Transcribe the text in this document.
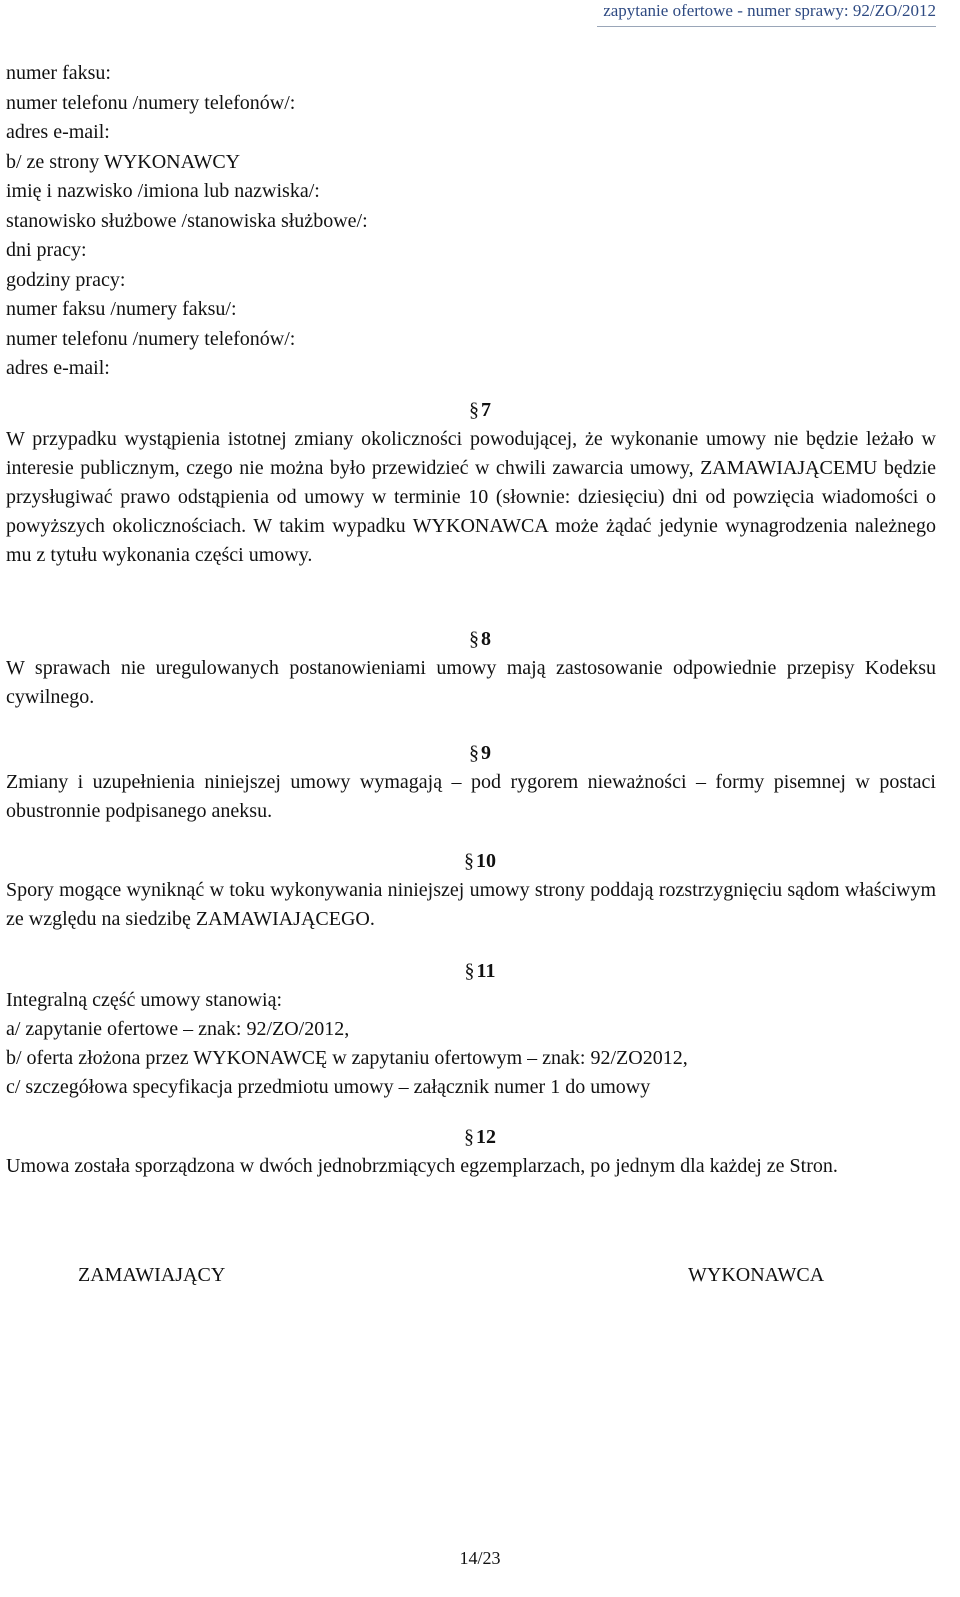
zapytanie ofertowe - numer sprawy: 92/ZO/2012
numer faksu:
numer telefonu /numery telefonów/:
adres e-mail:
b/ ze strony WYKONAWCY
imię i nazwisko /imiona lub nazwiska/:
stanowisko służbowe /stanowiska służbowe/:
dni pracy:
godziny pracy:
numer faksu /numery faksu/:
numer telefonu /numery telefonów/:
adres e-mail:
§ 7
W przypadku wystąpienia istotnej zmiany okoliczności powodującej, że wykonanie umowy nie będzie leżało w interesie publicznym, czego nie można było przewidzieć w chwili zawarcia umowy, ZAMAWIAJĄCEMU będzie przysługiwać prawo odstąpienia od umowy w terminie 10 (słownie: dziesięciu) dni od powzięcia wiadomości o powyższych okolicznościach. W takim wypadku WYKONAWCA może żądać jedynie wynagrodzenia należnego mu z tytułu wykonania części umowy.
§ 8
W sprawach nie uregulowanych postanowieniami umowy mają zastosowanie odpowiednie przepisy Kodeksu cywilnego.
§ 9
Zmiany i uzupełnienia niniejszej umowy wymagają – pod rygorem nieważności – formy pisemnej w postaci obustronnie podpisanego aneksu.
§ 10
Spory mogące wyniknąć w toku wykonywania niniejszej umowy strony poddają rozstrzygnięciu sądom właściwym ze względu na siedzibę ZAMAWIAJĄCEGO.
§ 11
Integralną część umowy stanowią:
a/ zapytanie ofertowe – znak: 92/ZO/2012,
b/ oferta złożona przez WYKONAWCĘ w zapytaniu ofertowym – znak: 92/ZO2012,
c/ szczegółowa specyfikacja przedmiotu umowy – załącznik numer 1 do umowy
§ 12
Umowa została sporządzona w dwóch jednobrzmiących egzemplarzach, po jednym dla każdej ze Stron.
ZAMAWIAJĄCY	WYKONAWCA
14/23
